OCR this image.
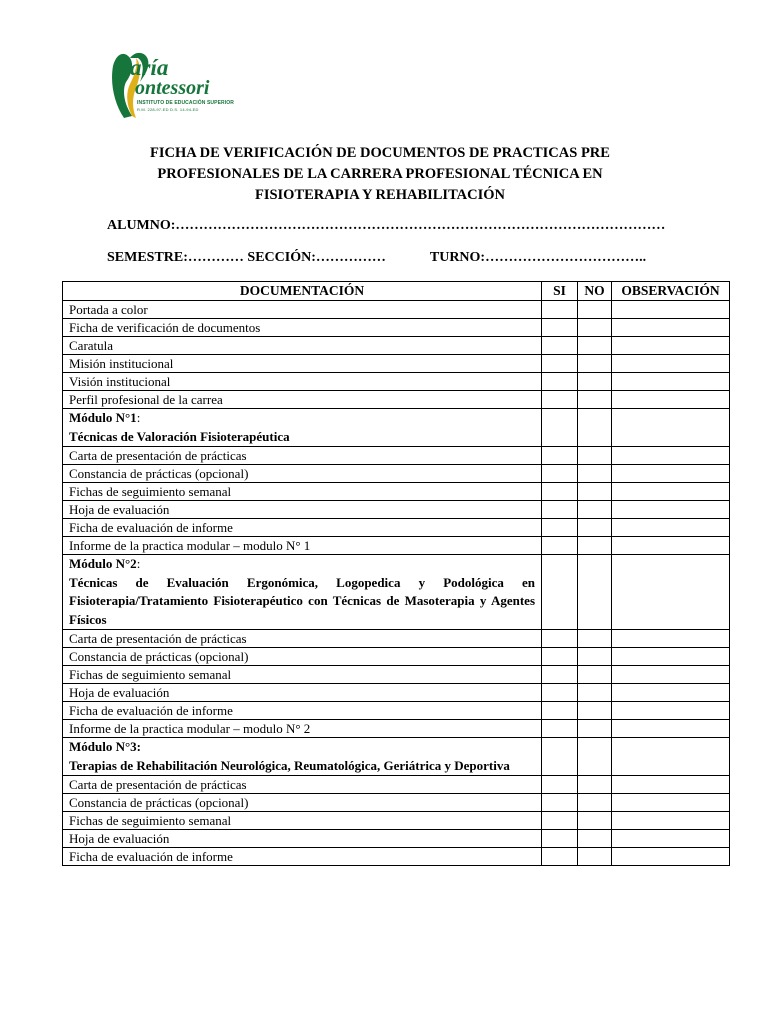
aría
ontessori
INSTITUTO DE EDUCACIÓN SUPERIOR
R.M. 228-97-ED D.S. 14-94-ED
FICHA DE VERIFICACIÓN DE DOCUMENTOS DE PRACTICAS PRE
PROFESIONALES DE LA CARRERA PROFESIONAL TÉCNICA EN
FISIOTERAPIA Y REHABILITACIÓN
ALUMNO:……………………………………………………………………………………………
SEMESTRE:………… SECCIÓN:……………	TURNO:……………………………..
DOCUMENTACIÓN	SI	NO	OBSERVACIÓN
Portada a color			
Ficha de verificación de documentos			
Caratula			
Misión institucional			
Visión institucional			
Perfil profesional de la carrea			

Módulo N°1:
Técnicas de Valoración Fisioterapéutica			

Carta de presentación de prácticas			
Constancia de prácticas (opcional)			
Fichas de seguimiento semanal			
Hoja de evaluación			
Ficha de evaluación de informe			
Informe de la practica modular – modulo N° 1			

Módulo N°2:
Técnicas de Evaluación Ergonómica, Logopedica y Podológica en Fisioterapia/Tratamiento Fisioterapéutico con Técnicas de Masoterapia y Agentes Físicos			

Carta de presentación de prácticas			
Constancia de prácticas (opcional)			
Fichas de seguimiento semanal			
Hoja de evaluación			
Ficha de evaluación de informe			
Informe de la practica modular – modulo N° 2			

Módulo N°3:
Terapias de Rehabilitación Neurológica, Reumatológica, Geriátrica y Deportiva			

Carta de presentación de prácticas			
Constancia de prácticas (opcional)			
Fichas de seguimiento semanal			
Hoja de evaluación			
Ficha de evaluación de informe			
